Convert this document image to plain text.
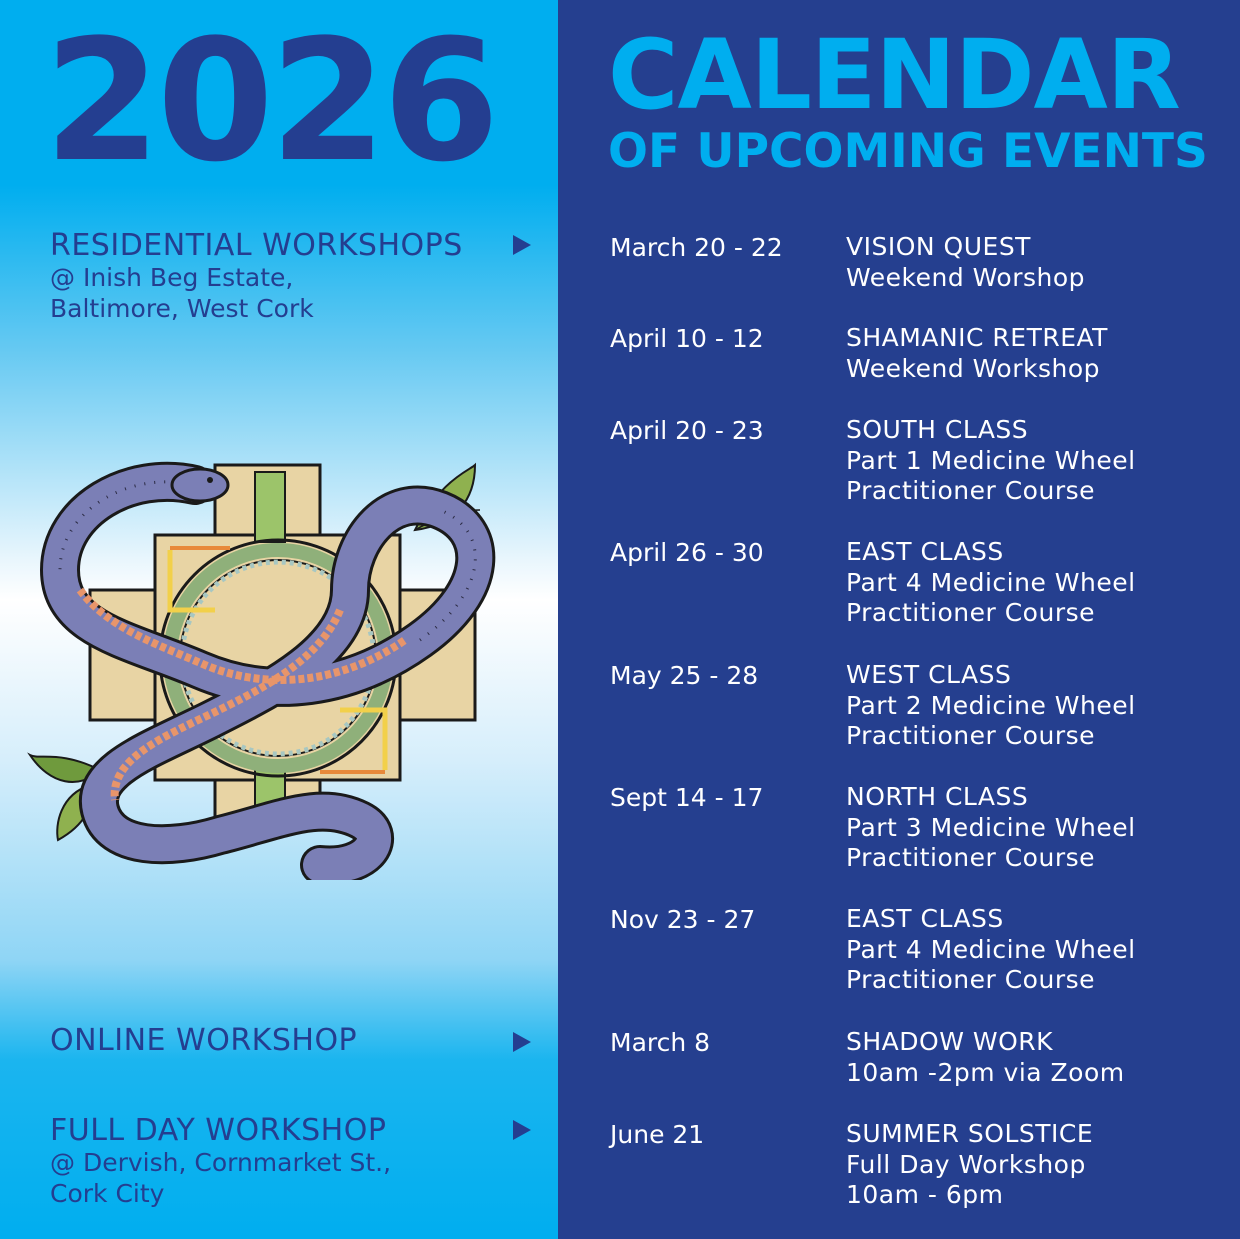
2026 CALENDAR
OF UPCOMING EVENTS
RESIDENTIAL WORKSHOPS
@ Inish Beg Estate,
Baltimore, West Cork
ONLINE WORKSHOP
FULL DAY WORKSHOP
@ Dervish, Cornmarket St.,
Cork City
March 20 - 22	VISION QUEST
Weekend Worshop
April 10 - 12	SHAMANIC RETREAT
Weekend Workshop
April 20 - 23	SOUTH CLASS
Part 1 Medicine Wheel
Practitioner Course
April 26 - 30	EAST CLASS
Part 4 Medicine Wheel
Practitioner Course
May 25 - 28	WEST CLASS
Part 2 Medicine Wheel
Practitioner Course
Sept 14 - 17	NORTH CLASS
Part 3 Medicine Wheel
Practitioner Course
Nov 23 - 27	EAST CLASS
Part 4 Medicine Wheel
Practitioner Course
March 8	SHADOW WORK
10am -2pm via Zoom
June 21	SUMMER SOLSTICE
Full Day Workshop
10am - 6pm
